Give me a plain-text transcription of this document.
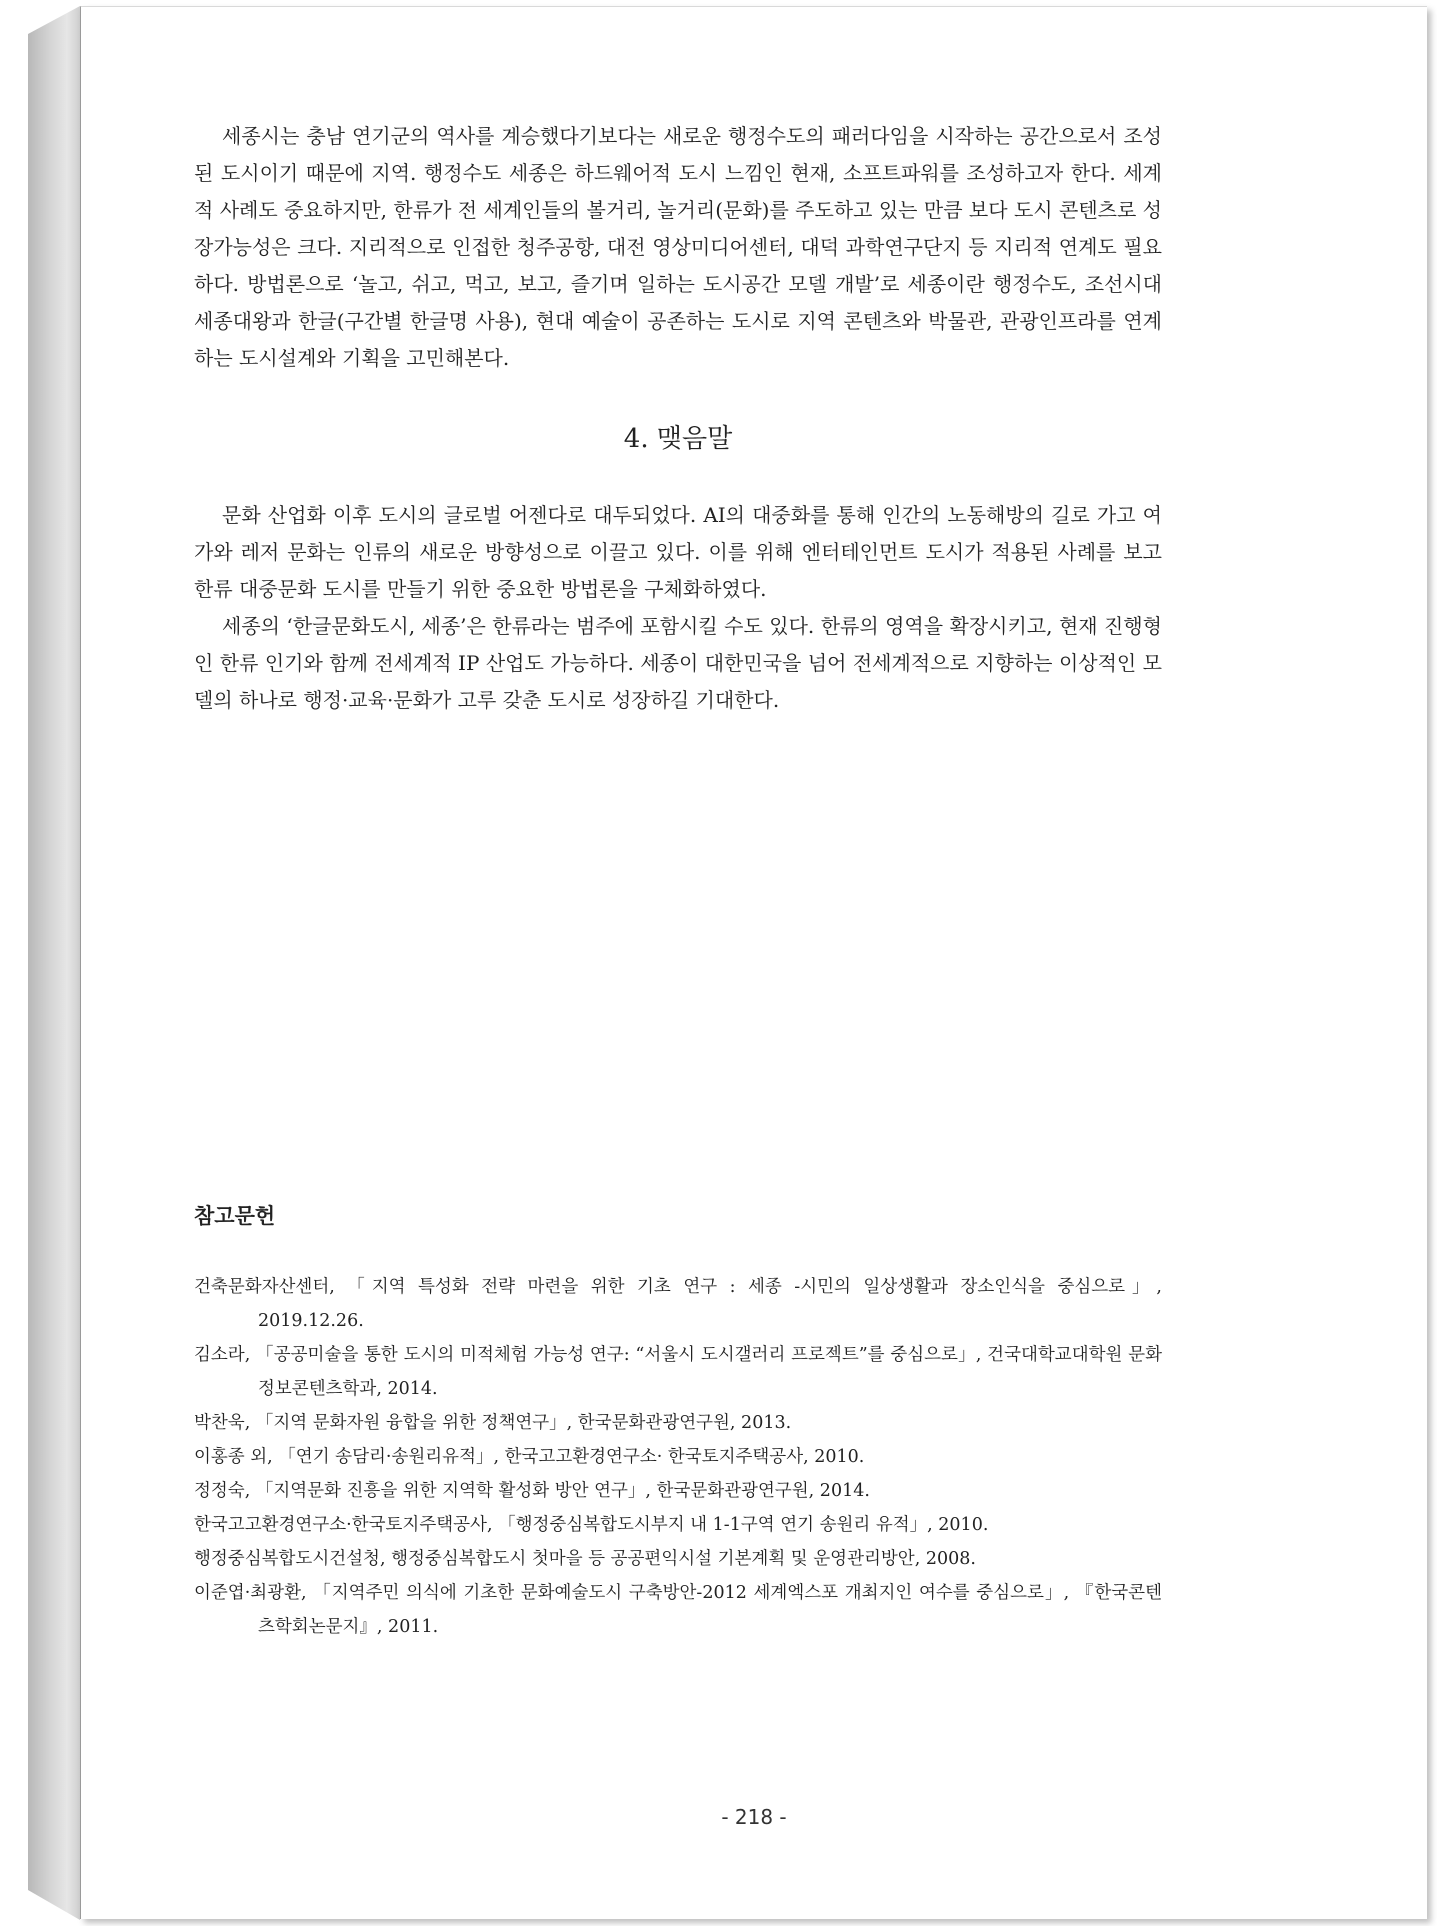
- 218 -

세종시는 충남 연기군의 역사를 계승했다기보다는 새로운 행정수도의 패러다임을 시작하는 공간으로서 조성된 도시이기 때문에 지역. 행정수도 세종은 하드웨어적 도시 느낌인 현재, 소프트파워를 조성하고자 한다. 세계적 사례도 중요하지만, 한류가 전 세계인들의 볼거리, 놀거리(문화)를 주도하고 있는 만큼 보다 도시 콘텐츠로 성장가능성은 크다. 지리적으로 인접한 청주공항, 대전 영상미디어센터, 대덕 과학연구단지 등 지리적 연계도 필요하다. 방법론으로 ‘놀고, 쉬고, 먹고, 보고, 즐기며 일하는 도시공간 모델 개발’로 세종이란 행정수도, 조선시대 세종대왕과 한글(구간별 한글명 사용), 현대 예술이 공존하는 도시로 지역 콘텐츠와 박물관, 관광인프라를 연계하는 도시설계와 기획을 고민해본다.

4. 맺음말

문화 산업화 이후 도시의 글로벌 어젠다로 대두되었다. AI의 대중화를 통해 인간의 노동해방의 길로 가고 여가와 레저 문화는 인류의 새로운 방향성으로 이끌고 있다. 이를 위해 엔터테인먼트 도시가 적용된 사례를 보고 한류 대중문화 도시를 만들기 위한 중요한 방법론을 구체화하였다.

세종의 ‘한글문화도시, 세종’은 한류라는 범주에 포함시킬 수도 있다. 한류의 영역을 확장시키고, 현재 진행형인 한류 인기와 함께 전세계적 IP 산업도 가능하다. 세종이 대한민국을 넘어 전세계적으로 지향하는 이상적인 모델의 하나로 행정·교육·문화가 고루 갖춘 도시로 성장하길 기대한다.

참고문헌

건축문화자산센터, 「지역 특성화 전략 마련을 위한 기초 연구 : 세종 -시민의 일상생활과 장소인식을 중심으로」, 2019.12.26.

김소라, 「공공미술을 통한 도시의 미적체험 가능성 연구: “서울시 도시갤러리 프로젝트”를 중심으로」, 건국대학교대학원 문화정보콘텐츠학과, 2014.

박찬욱, 「지역 문화자원 융합을 위한 정책연구」, 한국문화관광연구원, 2013.

이홍종 외, 「연기 송담리·송원리유적」, 한국고고환경연구소· 한국토지주택공사, 2010.

정정숙, 「지역문화 진흥을 위한 지역학 활성화 방안 연구」, 한국문화관광연구원, 2014.

한국고고환경연구소·한국토지주택공사, 「행정중심복합도시부지 내 1-1구역 연기 송원리 유적」, 2010.

행정중심복합도시건설청, 행정중심복합도시 첫마을 등 공공편익시설 기본계획 및 운영관리방안, 2008.

이준엽·최광환, 「지역주민 의식에 기초한 문화예술도시 구축방안-2012 세계엑스포 개최지인 여수를 중심으로」, 『한국콘텐츠학회논문지』, 2011.
